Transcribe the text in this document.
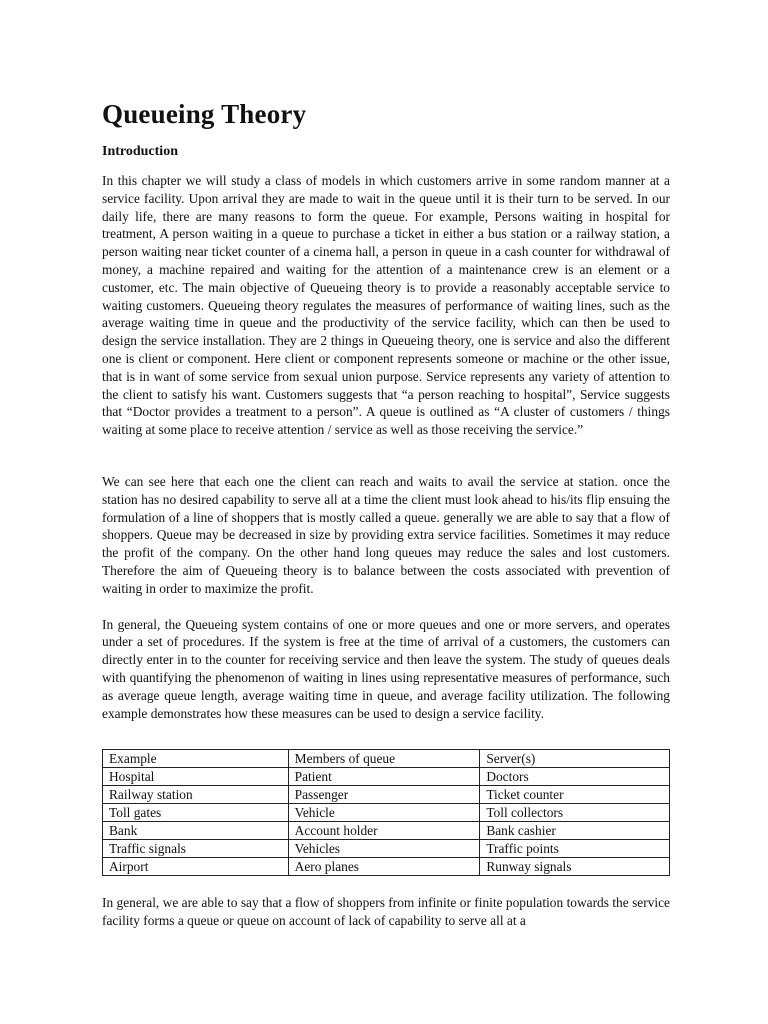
Queueing Theory
Introduction

In this chapter we will study a class of models in which customers arrive in some random manner at a service facility. Upon arrival they are made to wait in the queue until it is their turn to be served. In our daily life, there are many reasons to form the queue. For example, Persons waiting in hospital for treatment, A person waiting in a queue to purchase a ticket in either a bus station or a railway station, a person waiting near ticket counter of a cinema hall, a person in queue in a cash counter for withdrawal of money, a machine repaired and waiting for the attention of a maintenance crew is an element or a customer, etc. The main objective of Queueing theory is to provide a reasonably acceptable service to waiting customers. Queueing theory regulates the measures of performance of waiting lines, such as the average waiting time in queue and the productivity of the service facility, which can then be used to design the service installation. They are 2 things in Queueing theory, one is service and also the different one is client or component. Here client or component represents someone or machine or the other issue, that is in want of some service from sexual union purpose. Service represents any variety of attention to the client to satisfy his want. Customers suggests that “a person reaching to hospital”, Service suggests that “Doctor provides a treatment to a person”. A queue is outlined as “A cluster of customers / things waiting at some place to receive attention / service as well as those receiving the service.”

We can see here that each one the client can reach and waits to avail the service at station. once the station has no desired capability to serve all at a time the client must look ahead to his/its flip ensuing the formulation of a line of shoppers that is mostly called a queue. generally we are able to say that a flow of shoppers. Queue may be decreased in size by providing extra service facilities. Sometimes it may reduce the profit of the company. On the other hand long queues may reduce the sales and lost customers. Therefore the aim of Queueing theory is to balance between the costs associated with prevention of waiting in order to maximize the profit.

In general, the Queueing system contains of one or more queues and one or more servers, and operates under a set of procedures. If the system is free at the time of arrival of a customers, the customers can directly enter in to the counter for receiving service and then leave the system. The study of queues deals with quantifying the phenomenon of waiting in lines using representative measures of performance, such as average queue length, average waiting time in queue, and average facility utilization. The following example demonstrates how these measures can be used to design a service facility.

Example	Members of queue	Server(s)
Hospital	Patient	Doctors
Railway station	Passenger	Ticket counter
Toll gates	Vehicle	Toll collectors
Bank	Account holder	Bank cashier
Traffic signals	Vehicles	Traffic points
Airport	Aero planes	Runway signals

In general, we are able to say that a flow of shoppers from infinite or finite population towards the service facility forms a queue or queue on account of lack of capability to serve all at a
